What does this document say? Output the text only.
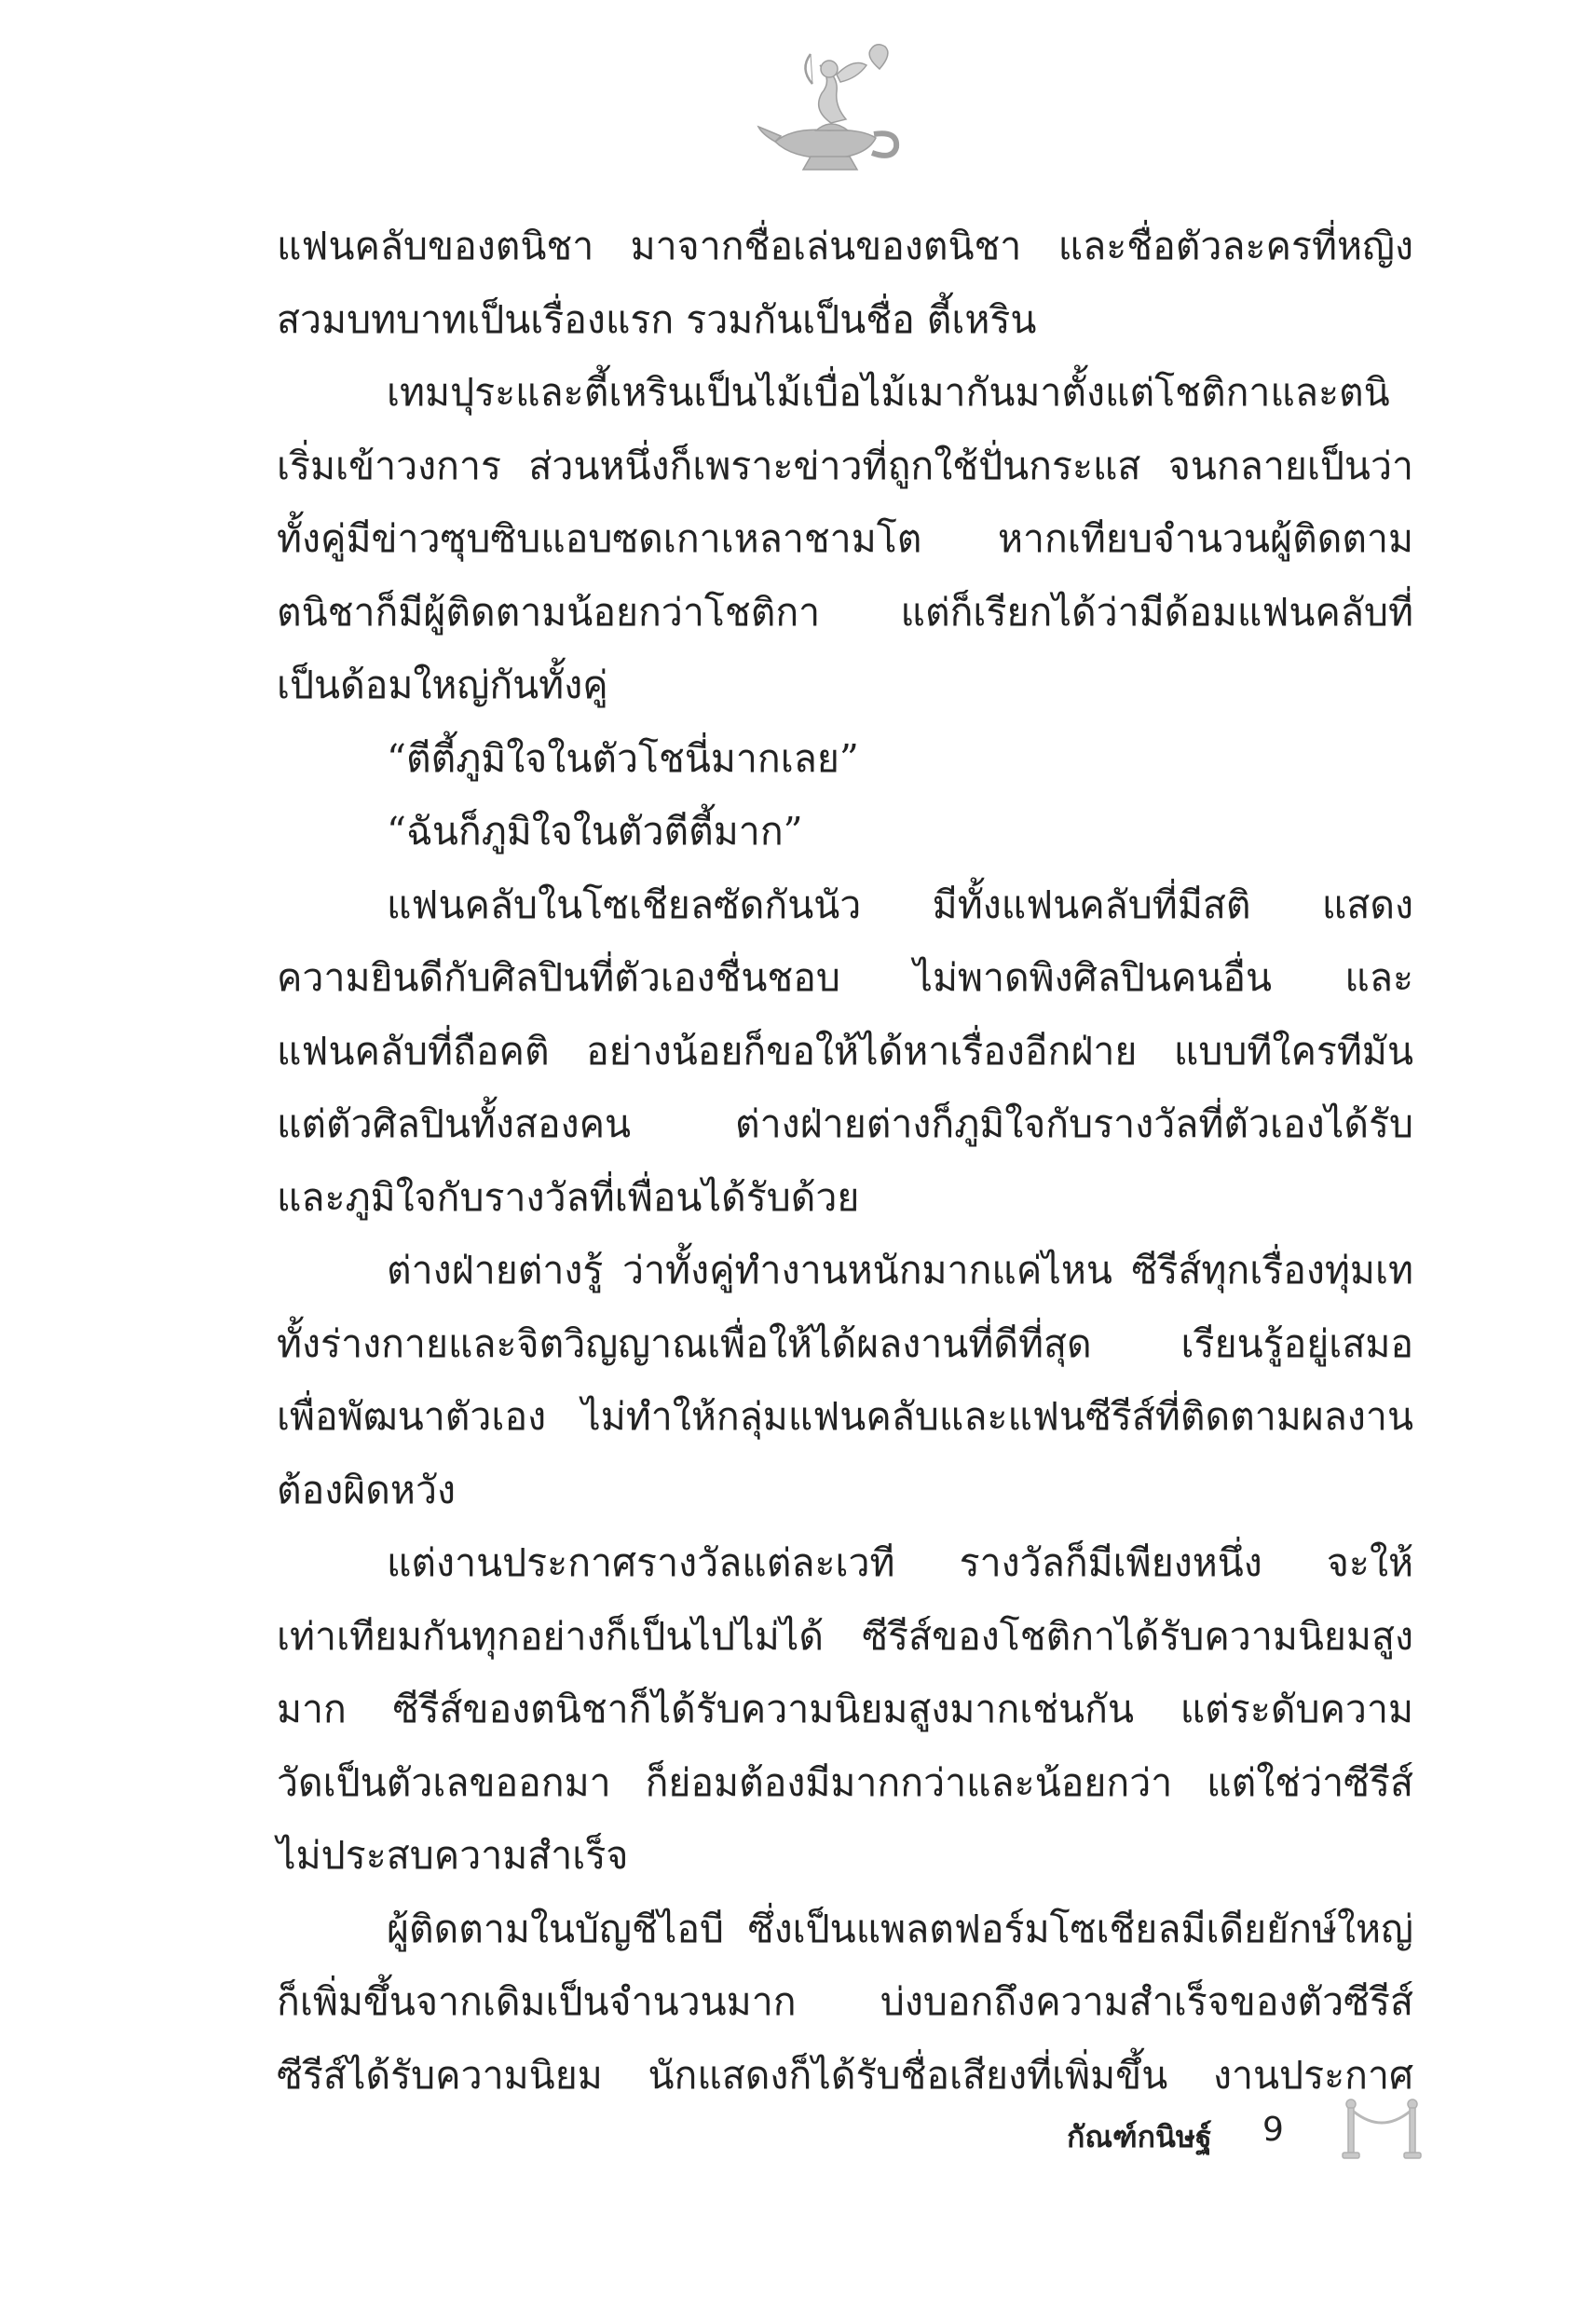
แฟนคลับของตนิชา มาจากชื่อเล่นของตนิชา และชื่อตัวละครที่หญิง
สวมบทบาทเป็นเรื่องแรก รวมกันเป็นชื่อ ตี้เหริน
เทมปุระและตี้เหรินเป็นไม้เบื่อไม้เมากันมาตั้งแต่โชติกาและตนิ
เริ่มเข้าวงการ ส่วนหนึ่งก็เพราะข่าวที่ถูกใช้ปั่นกระแส จนกลายเป็นว่า
ทั้งคู่มีข่าวซุบซิบแอบซดเกาเหลาชามโต หากเทียบจำนวนผู้ติดตาม
ตนิชาก็มีผู้ติดตามน้อยกว่าโชติกา แต่ก็เรียกได้ว่ามีด้อมแฟนคลับที่
เป็นด้อมใหญ่กันทั้งคู่
“ตีตี้ภูมิใจในตัวโชนี่มากเลย”
“ฉันก็ภูมิใจในตัวตีตี้มาก”
แฟนคลับในโซเชียลซัดกันนัว มีทั้งแฟนคลับที่มีสติ แสดง
ความยินดีกับศิลปินที่ตัวเองชื่นชอบ ไม่พาดพิงศิลปินคนอื่น และ
แฟนคลับที่ถือคติ อย่างน้อยก็ขอให้ได้หาเรื่องอีกฝ่าย แบบทีใครทีมัน
แต่ตัวศิลปินทั้งสองคน ต่างฝ่ายต่างก็ภูมิใจกับรางวัลที่ตัวเองได้รับ
และภูมิใจกับรางวัลที่เพื่อนได้รับด้วย
ต่างฝ่ายต่างรู้ ว่าทั้งคู่ทำงานหนักมากแค่ไหน ซีรีส์ทุกเรื่องทุ่มเท
ทั้งร่างกายและจิตวิญญาณเพื่อให้ได้ผลงานที่ดีที่สุด เรียนรู้อยู่เสมอ
เพื่อพัฒนาตัวเอง ไม่ทำให้กลุ่มแฟนคลับและแฟนซีรีส์ที่ติดตามผลงาน
ต้องผิดหวัง
แต่งานประกาศรางวัลแต่ละเวที รางวัลก็มีเพียงหนึ่ง จะให้
เท่าเทียมกันทุกอย่างก็เป็นไปไม่ได้ ซีรีส์ของโชติกาได้รับความนิยมสูง
มาก ซีรีส์ของตนิชาก็ได้รับความนิยมสูงมากเช่นกัน แต่ระดับความ
วัดเป็นตัวเลขออกมา ก็ย่อมต้องมีมากกว่าและน้อยกว่า แต่ใช่ว่าซีรีส์
ไม่ประสบความสำเร็จ
ผู้ติดตามในบัญชีไอบี ซึ่งเป็นแพลตฟอร์มโซเชียลมีเดียยักษ์ใหญ่
ก็เพิ่มขึ้นจากเดิมเป็นจำนวนมาก บ่งบอกถึงความสำเร็จของตัวซีรีส์
ซีรีส์ได้รับความนิยม นักแสดงก็ได้รับชื่อเสียงที่เพิ่มขึ้น งานประกาศ
กัณฑ์กนิษฐ์ 9
